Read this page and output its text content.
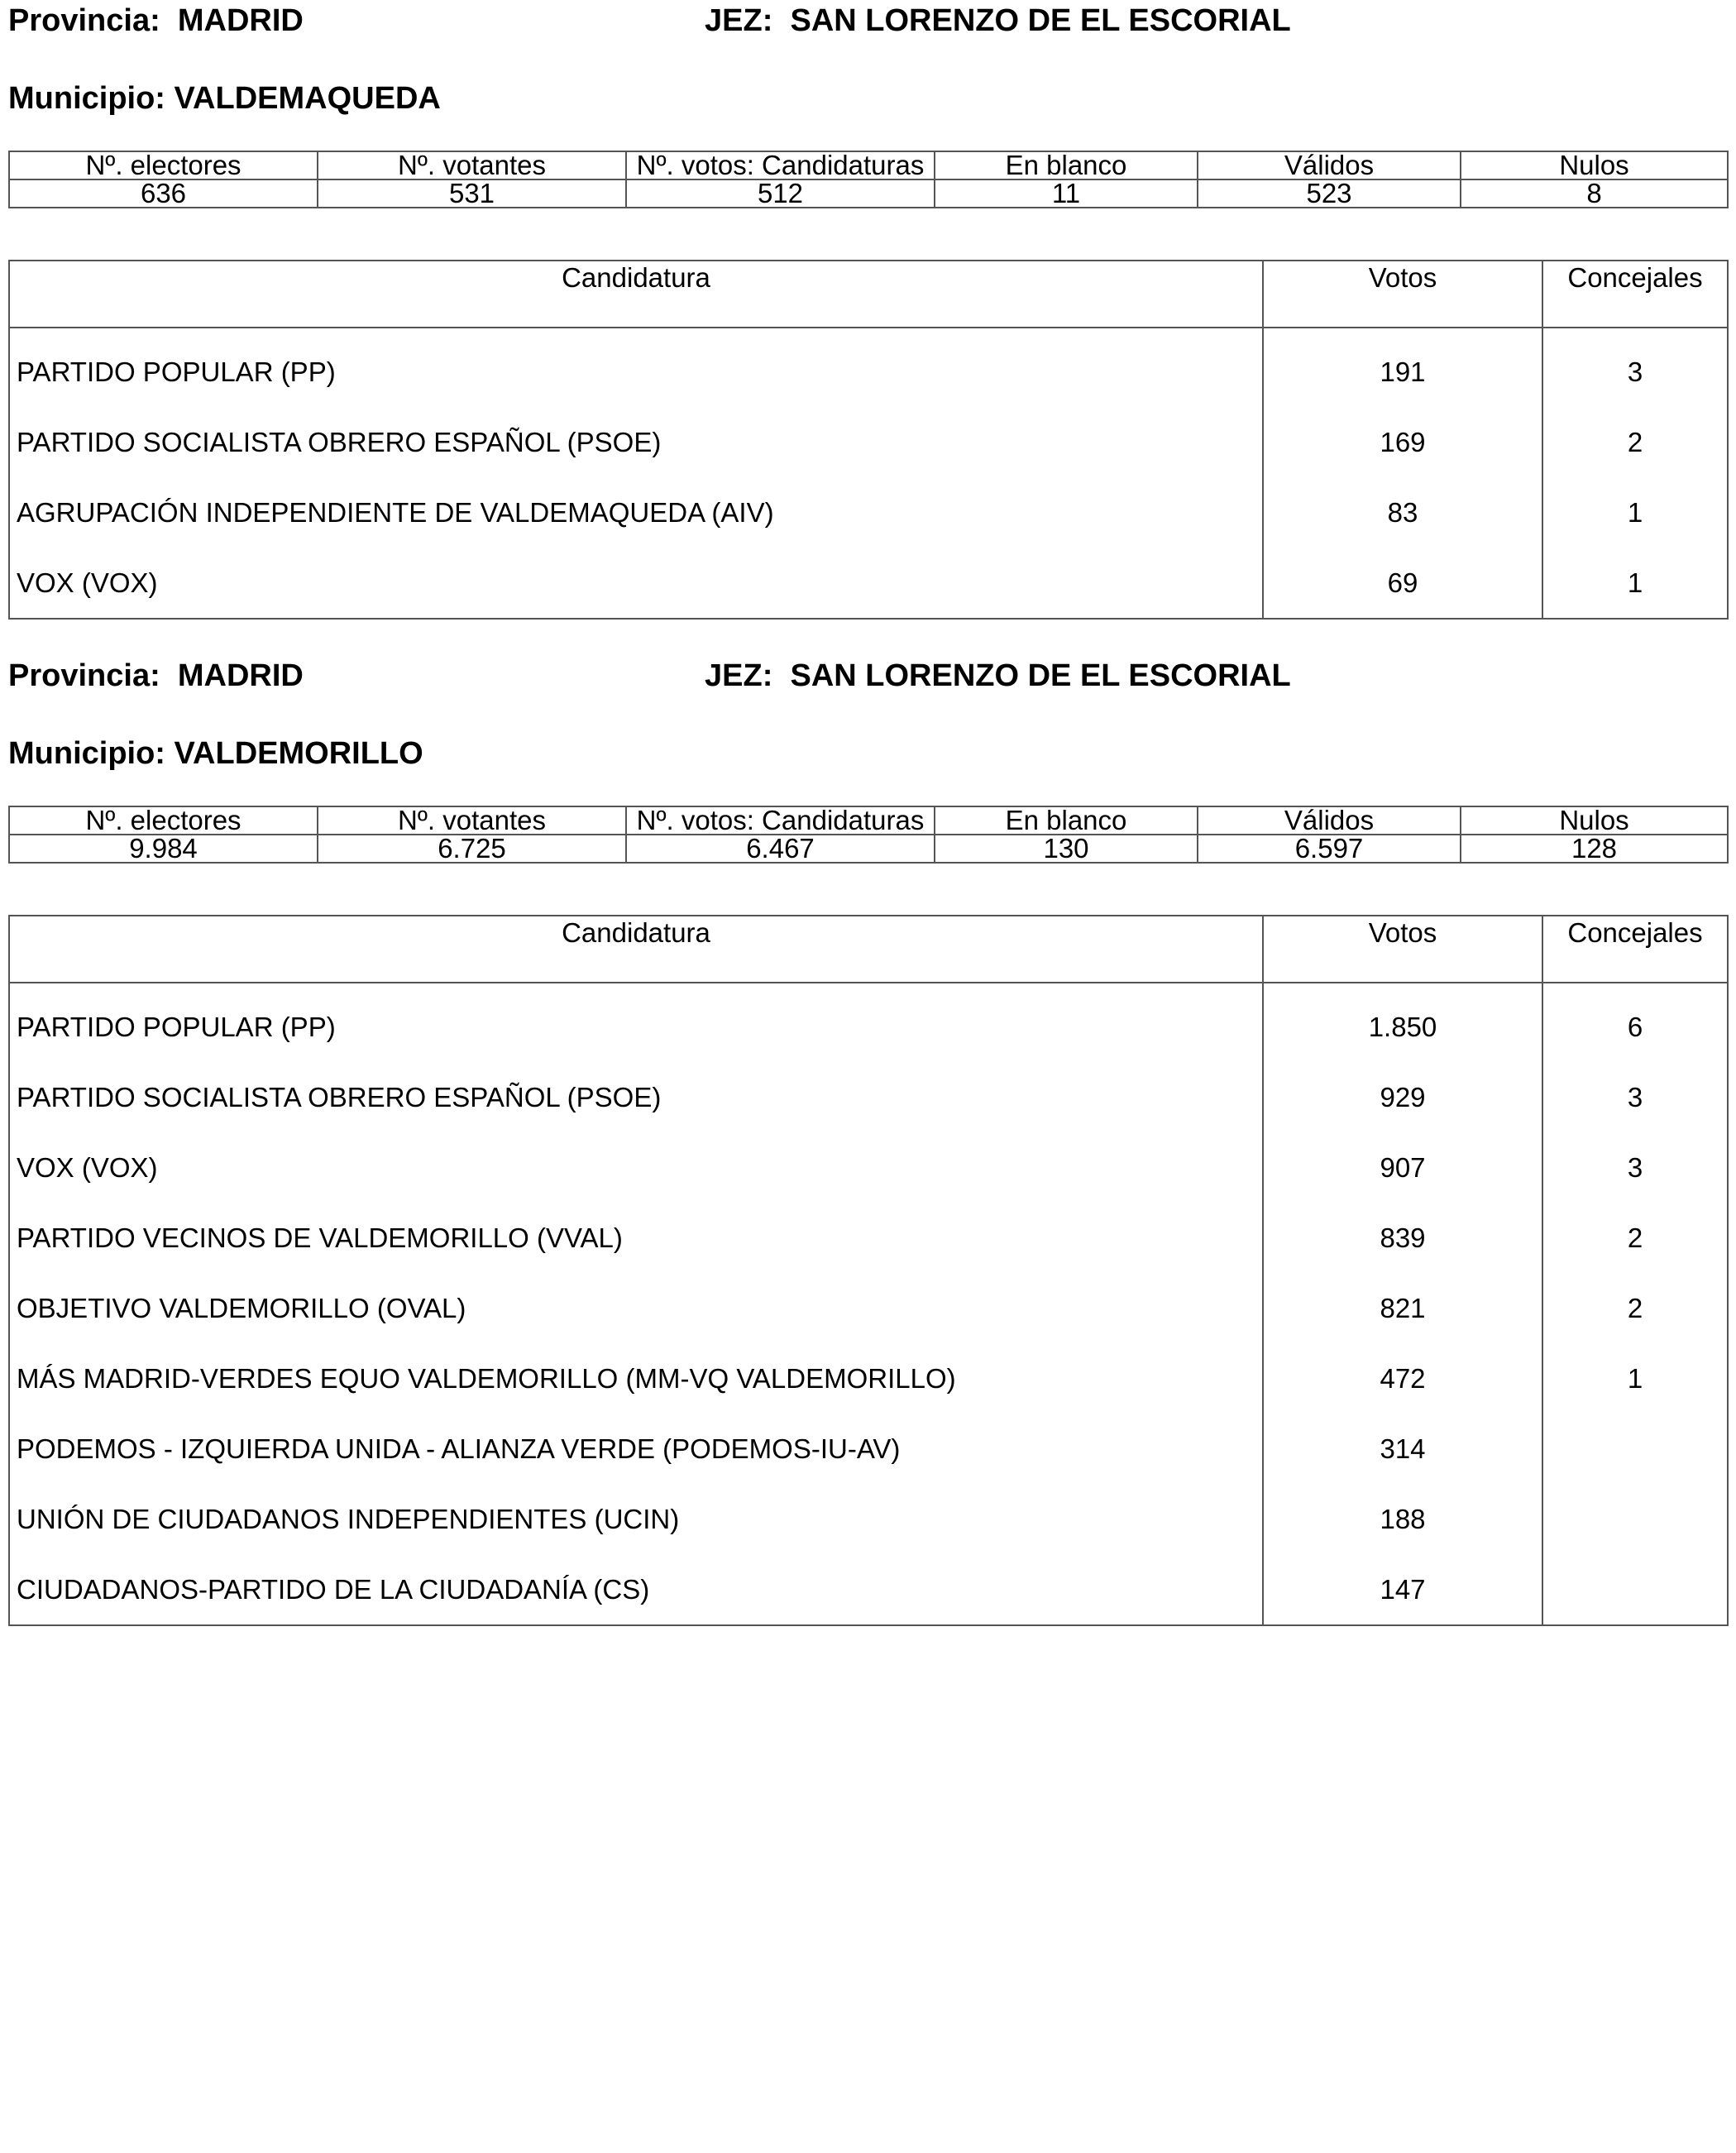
Provincia: MADRID	JEZ: SAN LORENZO DE EL ESCORIAL
Municipio: VALDEMAQUEDA
Nº. electores	Nº. votantes	Nº. votos: Candidaturas	En blanco	Válidos	Nulos
636	531	512	11	523	8
Candidatura	Votos	Concejales
PARTIDO POPULAR (PP)	191	3
PARTIDO SOCIALISTA OBRERO ESPAÑOL (PSOE)	169	2
AGRUPACIÓN INDEPENDIENTE DE VALDEMAQUEDA (AIV)	83	1
VOX (VOX)	69	1
Provincia: MADRID	JEZ: SAN LORENZO DE EL ESCORIAL
Municipio: VALDEMORILLO
Nº. electores	Nº. votantes	Nº. votos: Candidaturas	En blanco	Válidos	Nulos
9.984	6.725	6.467	130	6.597	128
Candidatura	Votos	Concejales
PARTIDO POPULAR (PP)	1.850	6
PARTIDO SOCIALISTA OBRERO ESPAÑOL (PSOE)	929	3
VOX (VOX)	907	3
PARTIDO VECINOS DE VALDEMORILLO (VVAL)	839	2
OBJETIVO VALDEMORILLO (OVAL)	821	2
MÁS MADRID-VERDES EQUO VALDEMORILLO (MM-VQ VALDEMORILLO)	472	1
PODEMOS - IZQUIERDA UNIDA - ALIANZA VERDE (PODEMOS-IU-AV)	314	
UNIÓN DE CIUDADANOS INDEPENDIENTES (UCIN)	188	
CIUDADANOS-PARTIDO DE LA CIUDADANÍA (CS)	147	
